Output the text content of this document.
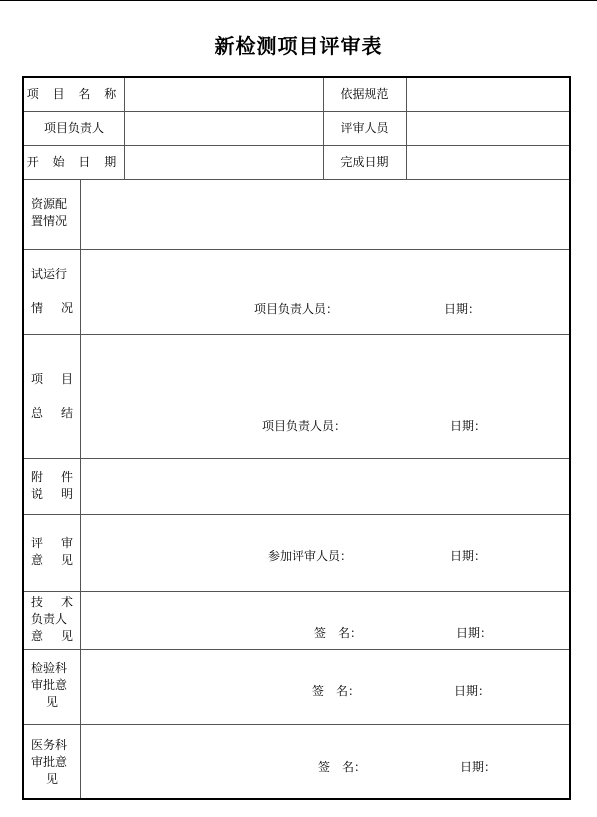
新检测项目评审表
项 目 名 称	依据规范
项目负责人	评审人员
开 始 日 期	完成日期
资源配
置情况
试运行
情 况	项目负责人员：	日期：
项 目
总 结
项目负责人员：	日期：
附 件
说 明
评 审
意 见	参加评审人员：	日期：
技 术
负责人
意 见	签　名：	日期：
检验科
审批意
见
签　名：	日期：
医务科
审批意
见
签　名：	日期：
